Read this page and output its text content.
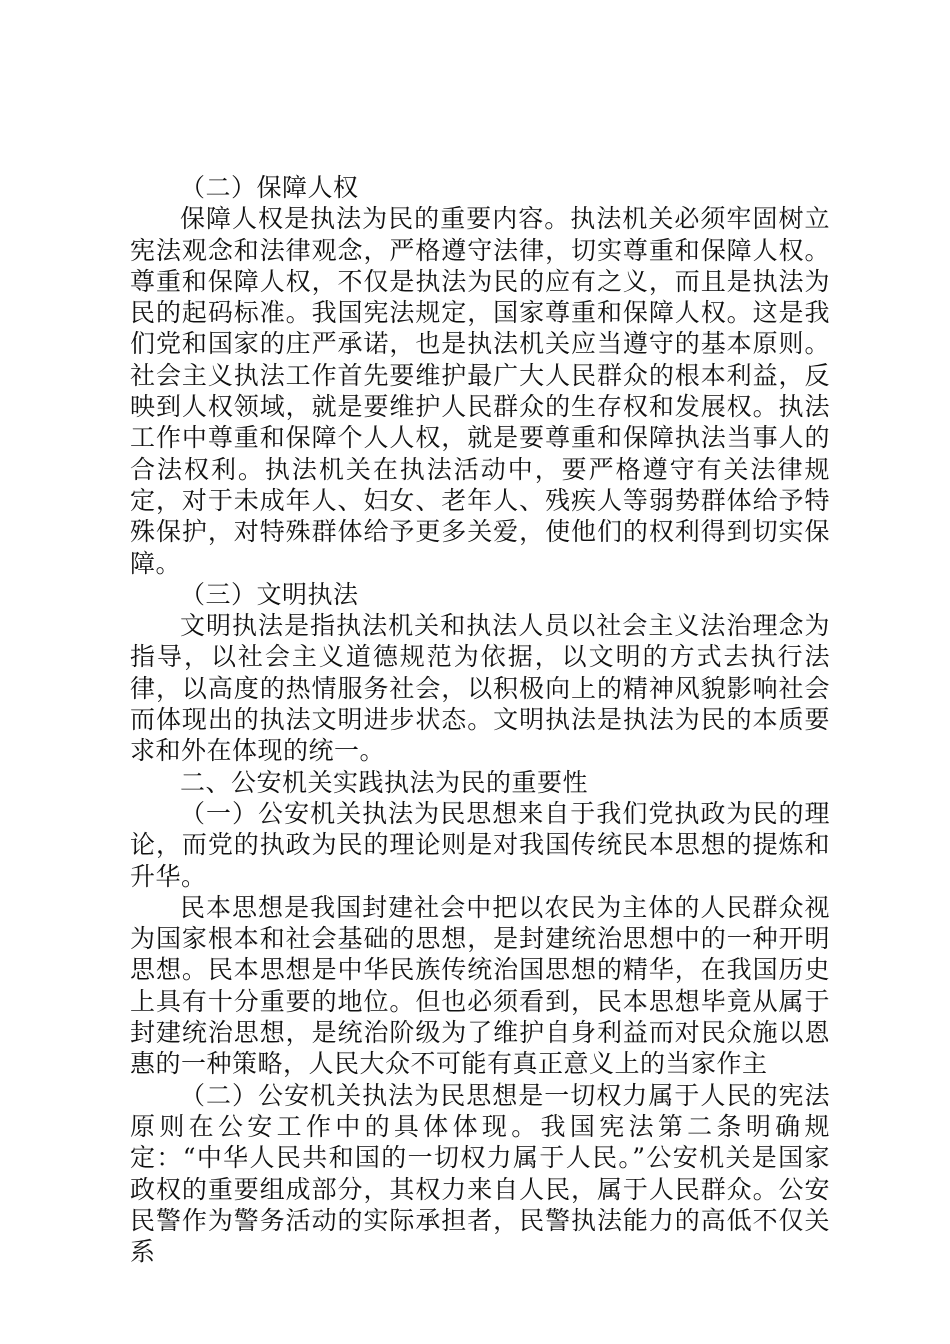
（二）保障人权

保障人权是执法为民的重要内容。执法机关必须牢固树立宪法观念和法律观念，严格遵守法律，切实尊重和保障人权。尊重和保障人权，不仅是执法为民的应有之义，而且是执法为民的起码标准。我国宪法规定，国家尊重和保障人权。这是我们党和国家的庄严承诺，也是执法机关应当遵守的基本原则。社会主义执法工作首先要维护最广大人民群众的根本利益，反映到人权领域，就是要维护人民群众的生存权和发展权。执法工作中尊重和保障个人人权，就是要尊重和保障执法当事人的合法权利。执法机关在执法活动中，要严格遵守有关法律规定，对于未成年人、妇女、老年人、残疾人等弱势群体给予特殊保护，对特殊群体给予更多关爱，使他们的权利得到切实保障。

（三）文明执法

文明执法是指执法机关和执法人员以社会主义法治理念为指导，以社会主义道德规范为依据，以文明的方式去执行法律，以高度的热情服务社会，以积极向上的精神风貌影响社会而体现出的执法文明进步状态。文明执法是执法为民的本质要求和外在体现的统一。

二、公安机关实践执法为民的重要性

（一）公安机关执法为民思想来自于我们党执政为民的理论，而党的执政为民的理论则是对我国传统民本思想的提炼和升华。

民本思想是我国封建社会中把以农民为主体的人民群众视为国家根本和社会基础的思想，是封建统治思想中的一种开明思想。民本思想是中华民族传统治国思想的精华，在我国历史上具有十分重要的地位。但也必须看到，民本思想毕竟从属于封建统治思想，是统治阶级为了维护自身利益而对民众施以恩惠的一种策略，人民大众不可能有真正意义上的当家作主

（二）公安机关执法为民思想是一切权力属于人民的宪法原则在公安工作中的具体体现。我国宪法第二条明确规定：“中华人民共和国的一切权力属于人民。”公安机关是国家政权的重要组成部分，其权力来自人民，属于人民群众。公安民警作为警务活动的实际承担者，民警执法能力的高低不仅关系
